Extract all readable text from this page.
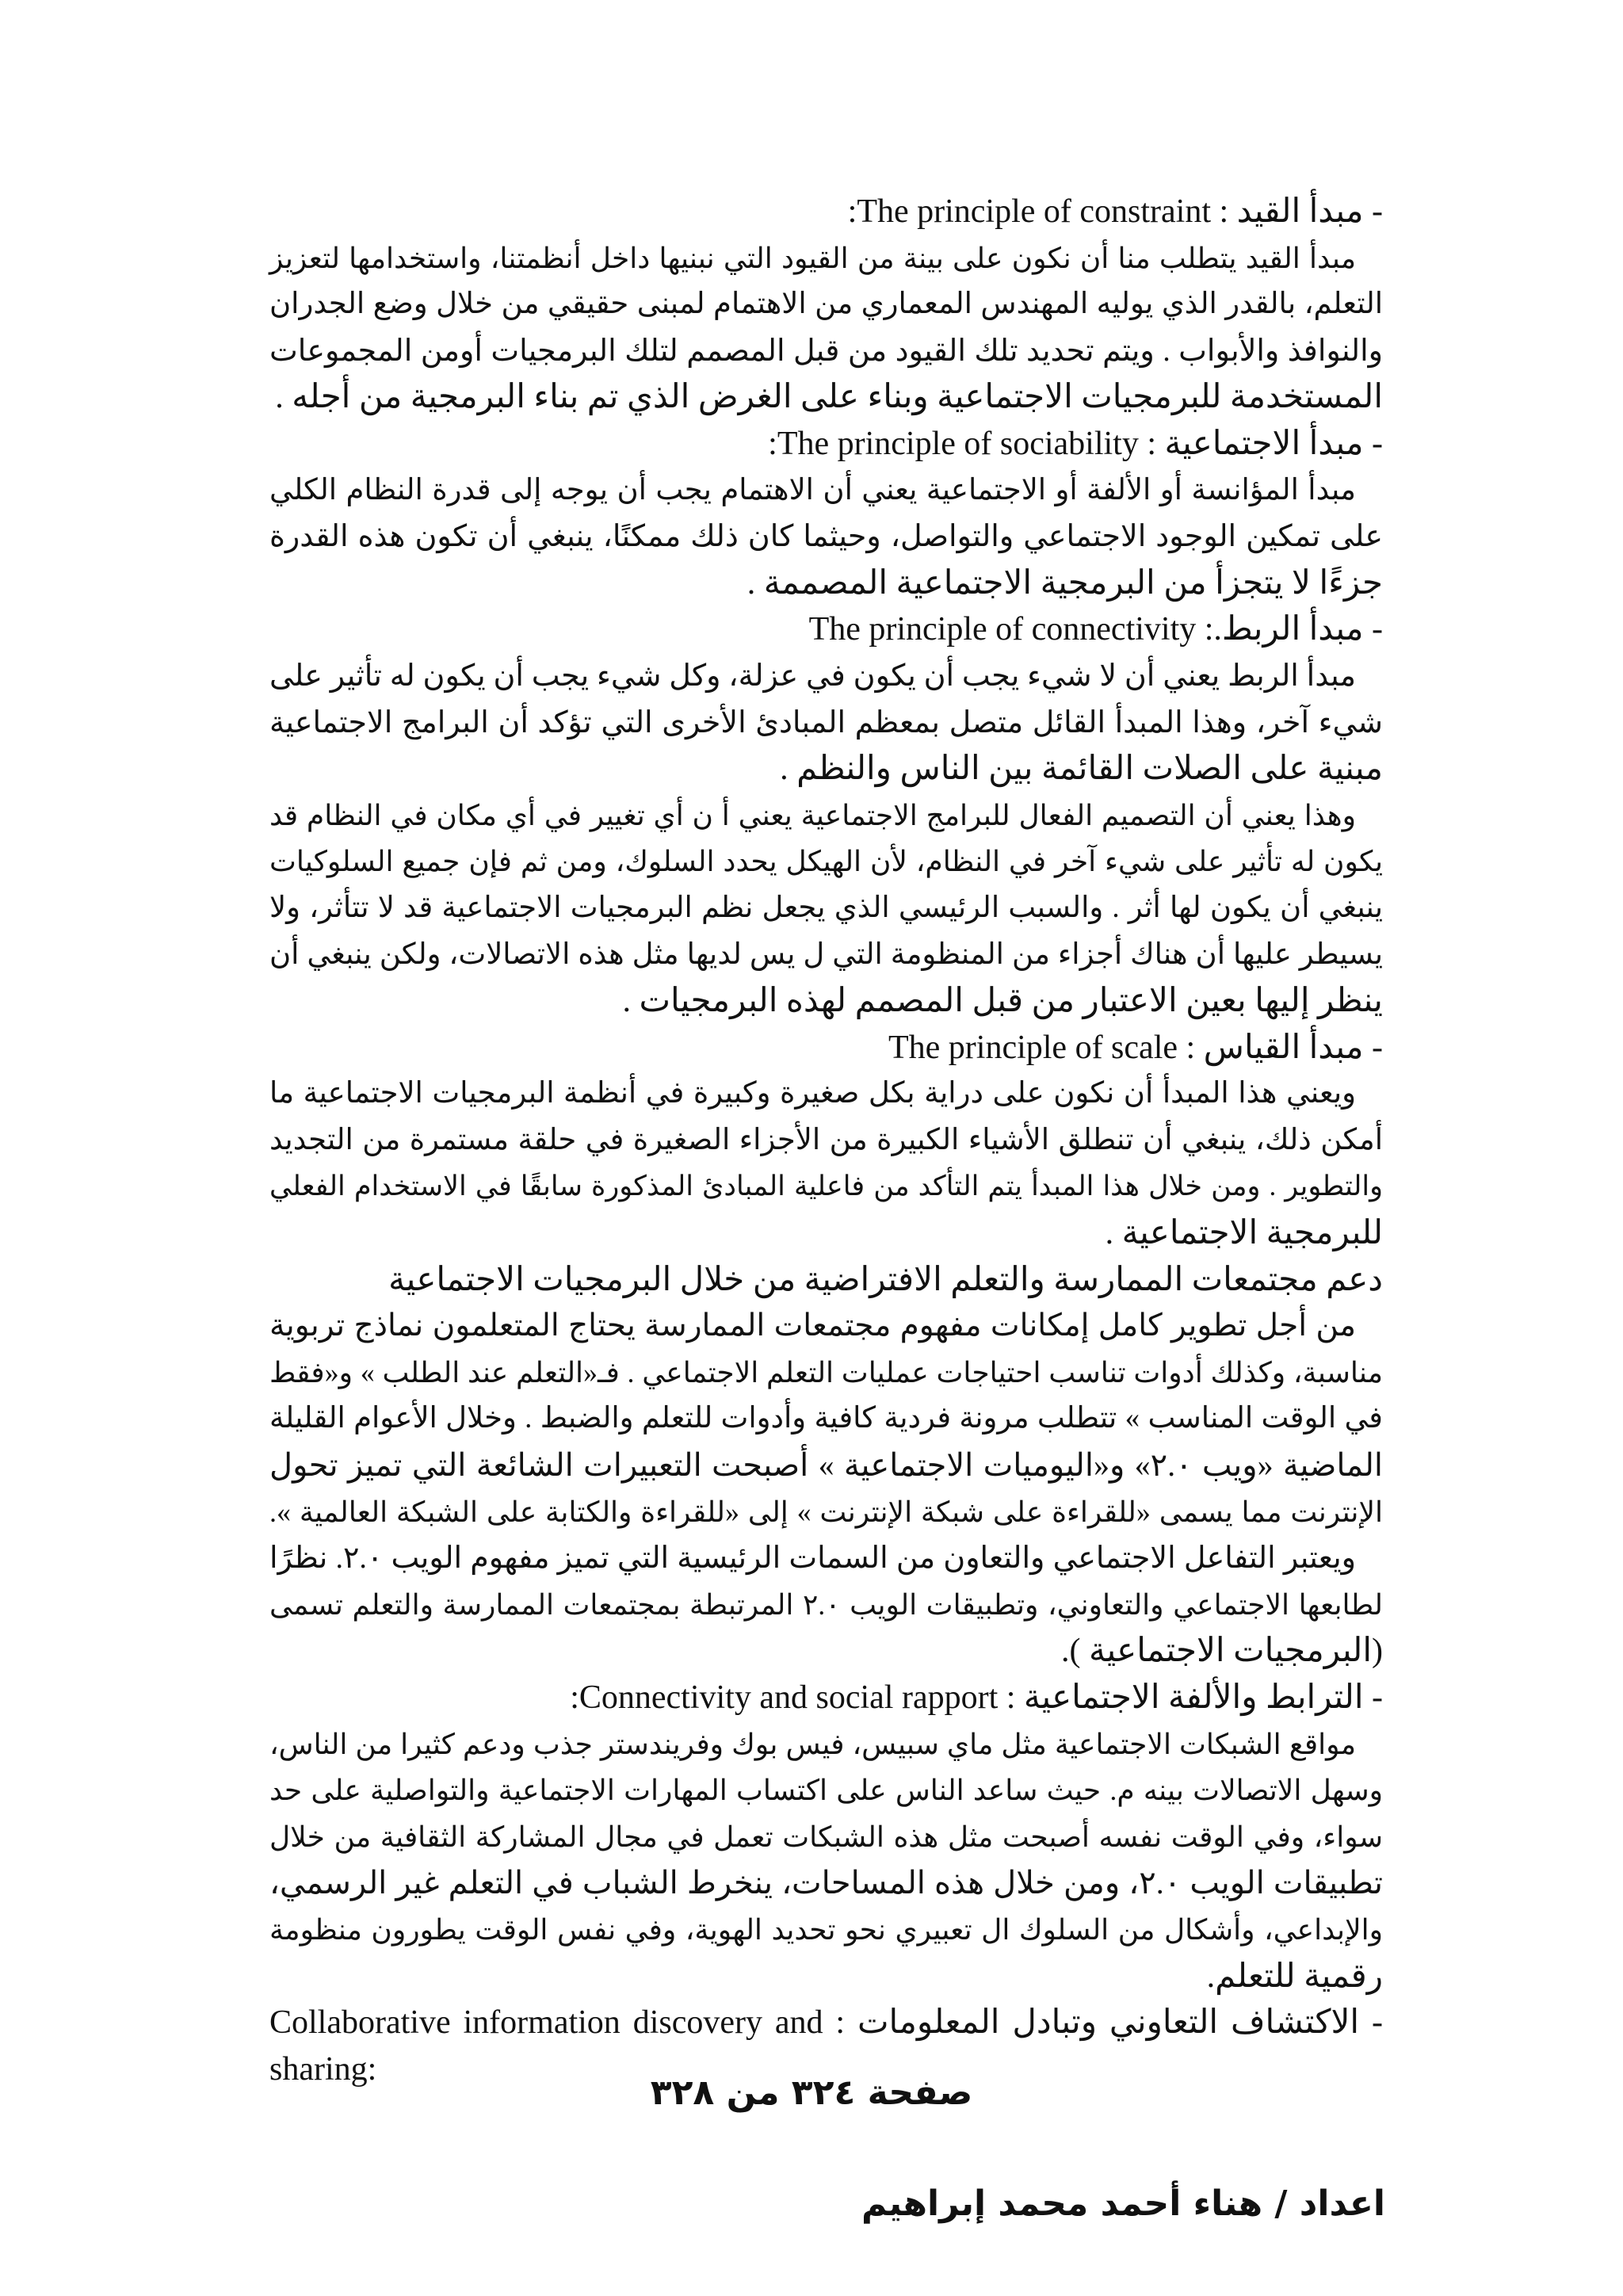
- مبدأ القيد : The principle of constraint:
مبدأ القيد يتطلب منا أن نكون على بينة من القيود التي نبنيها داخل أنظمتنا، واستخدامها لتعزيز
التعلم، بالقدر الذي يوليه المهندس المعماري من الاهتمام لمبنى حقيقي من خلال وضع الجدران
والنوافذ والأبواب . ويتم تحديد تلك القيود من قبل المصمم لتلك البرمجيات أومن المجموعات
المستخدمة للبرمجيات الاجتماعية وبناء على الغرض الذي تم بناء البرمجية من أجله .
- مبدأ الاجتماعية : The principle of sociability:
مبدأ المؤانسة أو الألفة أو الاجتماعية يعني أن الاهتمام يجب أن يوجه إلى قدرة النظام الكلي
على تمكين الوجود الاجتماعي والتواصل، وحيثما كان ذلك ممكنًا، ينبغي أن تكون هذه القدرة
جزءًا لا يتجزأ من البرمجية الاجتماعية المصممة .
- مبدأ الربط.: The principle of connectivity
مبدأ الربط يعني أن لا شيء يجب أن يكون في عزلة، وكل شيء يجب أن يكون له تأثير على
شيء آخر، وهذا المبدأ القائل متصل بمعظم المبادئ الأخرى التي تؤكد أن البرامج الاجتماعية
مبنية على الصلات القائمة بين الناس والنظم .
وهذا يعني أن التصميم الفعال للبرامج الاجتماعية يعني أ ن أي تغيير في أي مكان في النظام قد
يكون له تأثير على شيء آخر في النظام، لأن الهيكل يحدد السلوك، ومن ثم فإن جميع السلوكيات
ينبغي أن يكون لها أثر . والسبب الرئيسي الذي يجعل نظم البرمجيات الاجتماعية قد لا تتأثر، ولا
يسيطر عليها أن هناك أجزاء من المنظومة التي ل يس لديها مثل هذه الاتصالات، ولكن ينبغي أن
ينظر إليها بعين الاعتبار من قبل المصمم لهذه البرمجيات .
- مبدأ القياس : The principle of scale
ويعني هذا المبدأ أن نكون على دراية بكل صغيرة وكبيرة في أنظمة البرمجيات الاجتماعية ما
أمكن ذلك، ينبغي أن تنطلق الأشياء الكبيرة من الأجزاء الصغيرة في حلقة مستمرة من التجديد
والتطوير . ومن خلال هذا المبدأ يتم التأكد من فاعلية المبادئ المذكورة سابقًا في الاستخدام الفعلي
للبرمجية الاجتماعية .
دعم مجتمعات الممارسة والتعلم الافتراضية من خلال البرمجيات الاجتماعية
من أجل تطوير كامل إمكانات مفهوم مجتمعات الممارسة يحتاج المتعلمون نماذج تربوية
مناسبة، وكذلك أدوات تناسب احتياجات عمليات التعلم الاجتماعي . فـ«التعلم عند الطلب » و«فقط
في الوقت المناسب » تتطلب مرونة فردية كافية وأدوات للتعلم والضبط . وخلال الأعوام القليلة
الماضية «ويب ٢.٠» و«اليوميات الاجتماعية » أصبحت التعبيرات الشائعة التي تميز تحول
الإنترنت مما يسمى «للقراءة على شبكة الإنترنت » إلى «للقراءة والكتابة على الشبكة العالمية ».
ويعتبر التفاعل الاجتماعي والتعاون من السمات الرئيسية التي تميز مفهوم الويب ٢.٠. نظرًا
لطابعها الاجتماعي والتعاوني، وتطبيقات الويب ٢.٠ المرتبطة بمجتمعات الممارسة والتعلم تسمى
(البرمجيات الاجتماعية ).
- الترابط والألفة الاجتماعية : Connectivity and social rapport:
مواقع الشبكات الاجتماعية مثل ماي سبيس، فيس بوك وفريندستر جذب ودعم كثيرا من الناس،
وسهل الاتصالات بينه م. حيث ساعد الناس على اكتساب المهارات الاجتماعية والتواصلية على حد
سواء، وفي الوقت نفسه أصبحت مثل هذه الشبكات تعمل في مجال المشاركة الثقافية من خلال
تطبيقات الويب ٢.٠، ومن خلال هذه المساحات، ينخرط الشباب في التعلم غير الرسمي،
والإبداعي، وأشكال من السلوك ال تعبيري نحو تحديد الهوية، وفي نفس الوقت يطورون منظومة
رقمية للتعلم.
- الاكتشاف التعاوني وتبادل المعلومات : Collaborative information discovery and
sharing:
صفحة ٣٢٤ من ٣٢٨
اعداد / هناء أحمد محمد إبراهيم
